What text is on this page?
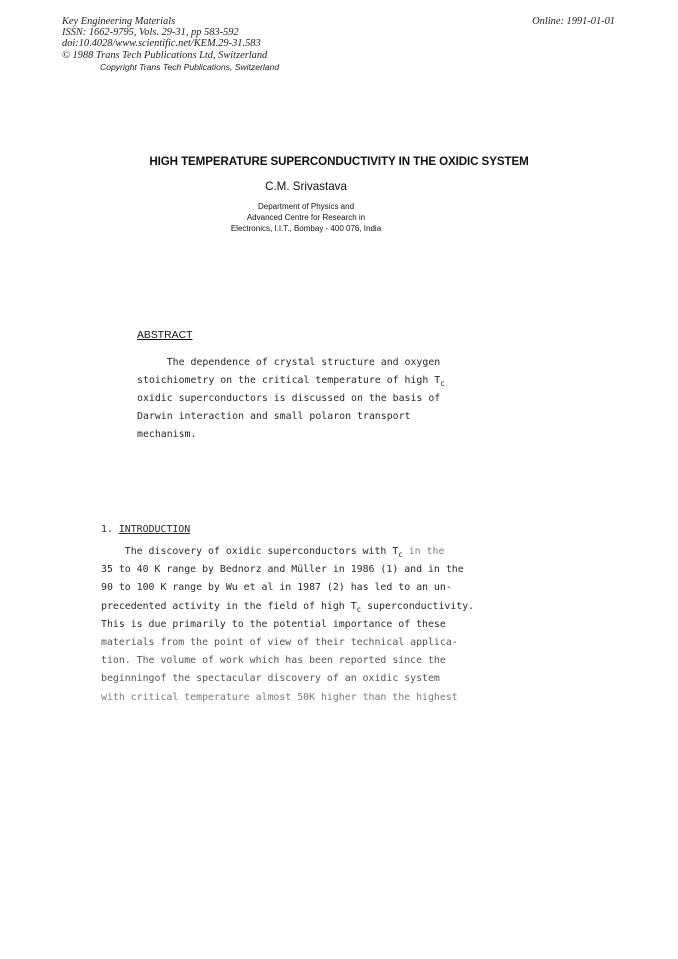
Key Engineering Materials
ISSN: 1662-9795, Vols. 29-31, pp 583-592
doi:10.4028/www.scientific.net/KEM.29-31.583
© 1988 Trans Tech Publications Ltd, Switzerland
Copyright Trans Tech Publications, Switzerland
Online: 1991-01-01
HIGH TEMPERATURE SUPERCONDUCTIVITY IN THE OXIDIC SYSTEM
C.M. Srivastava
Department of Physics and
Advanced Centre for Research in
Electronics, I.I.T., Bombay - 400 076, India
ABSTRACT
The dependence of crystal structure and oxygen
stoichiometry on the critical temperature of high $T_c$
oxidic superconductors is discussed on the basis of
Darwin interaction and small polaron transport
mechanism.
1. INTRODUCTION
The discovery of oxidic superconductors with $T_c$ in the
35 to 40 K range by Bednorz and Müller in 1986 (1) and in the
90 to 100 K range by Wu et al in 1987 (2) has led to an un-
precedented activity in the field of high $T_c$ superconductivity.
This is due primarily to the potential importance of these
materials from the point of view of their technical applica-
tion. The volume of work which has been reported since the
beginningof the spectacular discovery of an oxidic system
with critical temperature almost 50K higher than the highest
